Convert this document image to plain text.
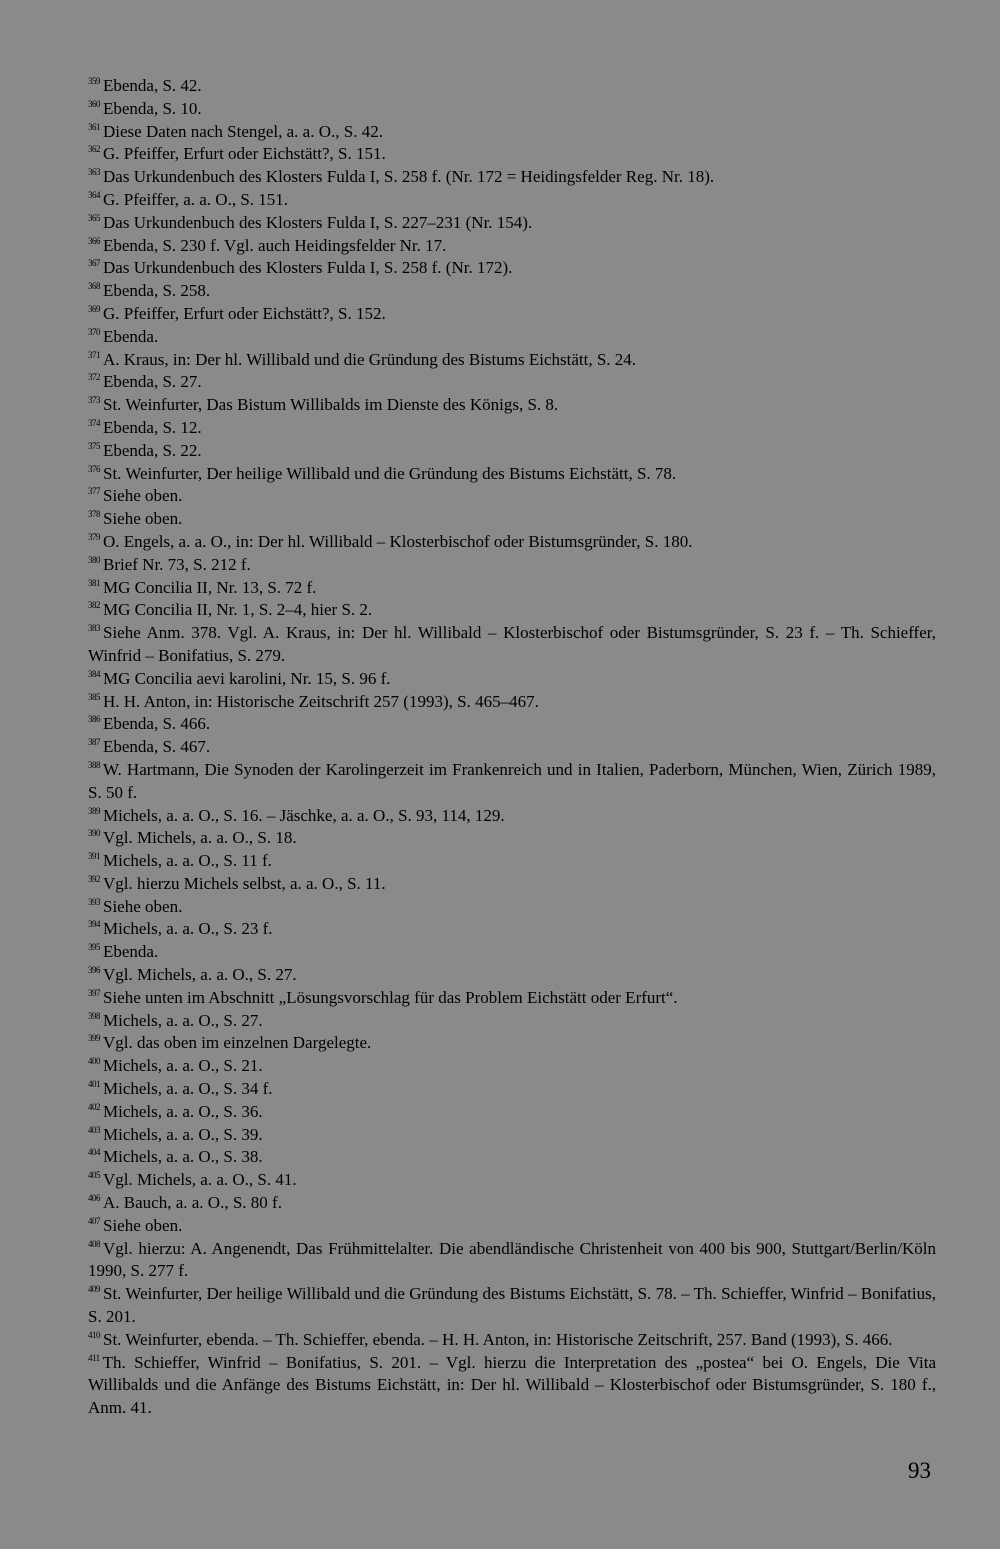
$^{359}$ Ebenda, S. 42.
$^{360}$ Ebenda, S. 10.
$^{361}$ Diese Daten nach Stengel, a. a. O., S. 42.
$^{362}$ G. Pfeiffer, Erfurt oder Eichstätt?, S. 151.
$^{363}$ Das Urkundenbuch des Klosters Fulda I, S. 258 f. (Nr. 172 = Heidingsfelder Reg. Nr. 18).
$^{364}$ G. Pfeiffer, a. a. O., S. 151.
$^{365}$ Das Urkundenbuch des Klosters Fulda I, S. 227–231 (Nr. 154).
$^{366}$ Ebenda, S. 230 f. Vgl. auch Heidingsfelder Nr. 17.
$^{367}$ Das Urkundenbuch des Klosters Fulda I, S. 258 f. (Nr. 172).
$^{368}$ Ebenda, S. 258.
$^{369}$ G. Pfeiffer, Erfurt oder Eichstätt?, S. 152.
$^{370}$ Ebenda.
$^{371}$ A. Kraus, in: Der hl. Willibald und die Gründung des Bistums Eichstätt, S. 24.
$^{372}$ Ebenda, S. 27.
$^{373}$ St. Weinfurter, Das Bistum Willibalds im Dienste des Königs, S. 8.
$^{374}$ Ebenda, S. 12.
$^{375}$ Ebenda, S. 22.
$^{376}$ St. Weinfurter, Der heilige Willibald und die Gründung des Bistums Eichstätt, S. 78.
$^{377}$ Siehe oben.
$^{378}$ Siehe oben.
$^{379}$ O. Engels, a. a. O., in: Der hl. Willibald – Klosterbischof oder Bistumsgründer, S. 180.
$^{380}$ Brief Nr. 73, S. 212 f.
$^{381}$ MG Concilia II, Nr. 13, S. 72 f.
$^{382}$ MG Concilia II, Nr. 1, S. 2–4, hier S. 2.
$^{383}$ Siehe Anm. 378. Vgl. A. Kraus, in: Der hl. Willibald – Klosterbischof oder Bistumsgründer, S. 23 f. – Th. Schieffer, Winfrid – Bonifatius, S. 279.
$^{384}$ MG Concilia aevi karolini, Nr. 15, S. 96 f.
$^{385}$ H. H. Anton, in: Historische Zeitschrift 257 (1993), S. 465–467.
$^{386}$ Ebenda, S. 466.
$^{387}$ Ebenda, S. 467.
$^{388}$ W. Hartmann, Die Synoden der Karolingerzeit im Frankenreich und in Italien, Paderborn, München, Wien, Zürich 1989, S. 50 f.
$^{389}$ Michels, a. a. O., S. 16. – Jäschke, a. a. O., S. 93, 114, 129.
$^{390}$ Vgl. Michels, a. a. O., S. 18.
$^{391}$ Michels, a. a. O., S. 11 f.
$^{392}$ Vgl. hierzu Michels selbst, a. a. O., S. 11.
$^{393}$ Siehe oben.
$^{394}$ Michels, a. a. O., S. 23 f.
$^{395}$ Ebenda.
$^{396}$ Vgl. Michels, a. a. O., S. 27.
$^{397}$ Siehe unten im Abschnitt „Lösungsvorschlag für das Problem Eichstätt oder Erfurt“.
$^{398}$ Michels, a. a. O., S. 27.
$^{399}$ Vgl. das oben im einzelnen Dargelegte.
$^{400}$ Michels, a. a. O., S. 21.
$^{401}$ Michels, a. a. O., S. 34 f.
$^{402}$ Michels, a. a. O., S. 36.
$^{403}$ Michels, a. a. O., S. 39.
$^{404}$ Michels, a. a. O., S. 38.
$^{405}$ Vgl. Michels, a. a. O., S. 41.
$^{406}$ A. Bauch, a. a. O., S. 80 f.
$^{407}$ Siehe oben.
$^{408}$ Vgl. hierzu: A. Angenendt, Das Frühmittelalter. Die abendländische Christenheit von 400 bis 900, Stuttgart/Berlin/Köln 1990, S. 277 f.
$^{409}$ St. Weinfurter, Der heilige Willibald und die Gründung des Bistums Eichstätt, S. 78. – Th. Schieffer, Winfrid – Bonifatius, S. 201.
$^{410}$ St. Weinfurter, ebenda. – Th. Schieffer, ebenda. – H. H. Anton, in: Historische Zeitschrift, 257. Band (1993), S. 466.
$^{411}$ Th. Schieffer, Winfrid – Bonifatius, S. 201. – Vgl. hierzu die Interpretation des „postea“ bei O. Engels, Die Vita Willibalds und die Anfänge des Bistums Eichstätt, in: Der hl. Willibald – Klosterbischof oder Bistumsgründer, S. 180 f., Anm. 41.
93
